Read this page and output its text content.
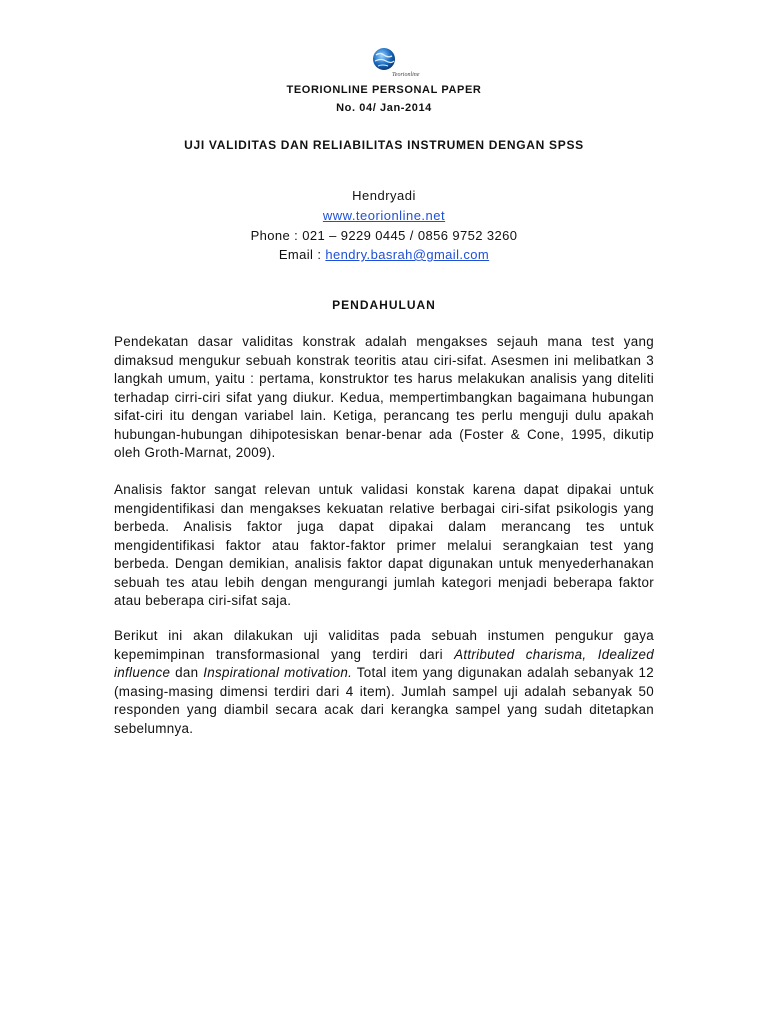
Teorionline
TEORIONLINE PERSONAL PAPER
No. 04/ Jan-2014
UJI VALIDITAS DAN RELIABILITAS INSTRUMEN DENGAN SPSS
Hendryadi
www.teorionline.net
Phone : 021 – 9229 0445 / 0856 9752 3260
Email : hendry.basrah@gmail.com
PENDAHULUAN

Pendekatan dasar validitas konstrak adalah mengakses sejauh mana test yang dimaksud mengukur sebuah konstrak teoritis atau ciri-sifat. Asesmen ini melibatkan 3 langkah umum, yaitu : pertama, konstruktor tes harus melakukan analisis yang diteliti terhadap cirri-ciri sifat yang diukur. Kedua, mempertimbangkan bagaimana hubungan sifat-ciri itu dengan variabel lain. Ketiga, perancang tes perlu menguji dulu apakah hubungan-hubungan dihipotesiskan benar-benar ada (Foster & Cone, 1995, dikutip oleh Groth-Marnat, 2009).

Analisis faktor sangat relevan untuk validasi konstak karena dapat dipakai untuk mengidentifikasi dan mengakses kekuatan relative berbagai ciri-sifat psikologis yang berbeda. Analisis faktor juga dapat dipakai dalam merancang tes untuk mengidentifikasi faktor atau faktor-faktor primer melalui serangkaian test yang berbeda. Dengan demikian, analisis faktor dapat digunakan untuk menyederhanakan sebuah tes atau lebih dengan mengurangi jumlah kategori menjadi beberapa faktor atau beberapa ciri-sifat saja.

Berikut ini akan dilakukan uji validitas pada sebuah instumen pengukur gaya kepemimpinan transformasional yang terdiri dari Attributed charisma, Idealized influence dan Inspirational motivation. Total item yang digunakan adalah sebanyak 12 (masing-masing dimensi terdiri dari 4 item). Jumlah sampel uji adalah sebanyak 50 responden yang diambil secara acak dari kerangka sampel yang sudah ditetapkan sebelumnya.
